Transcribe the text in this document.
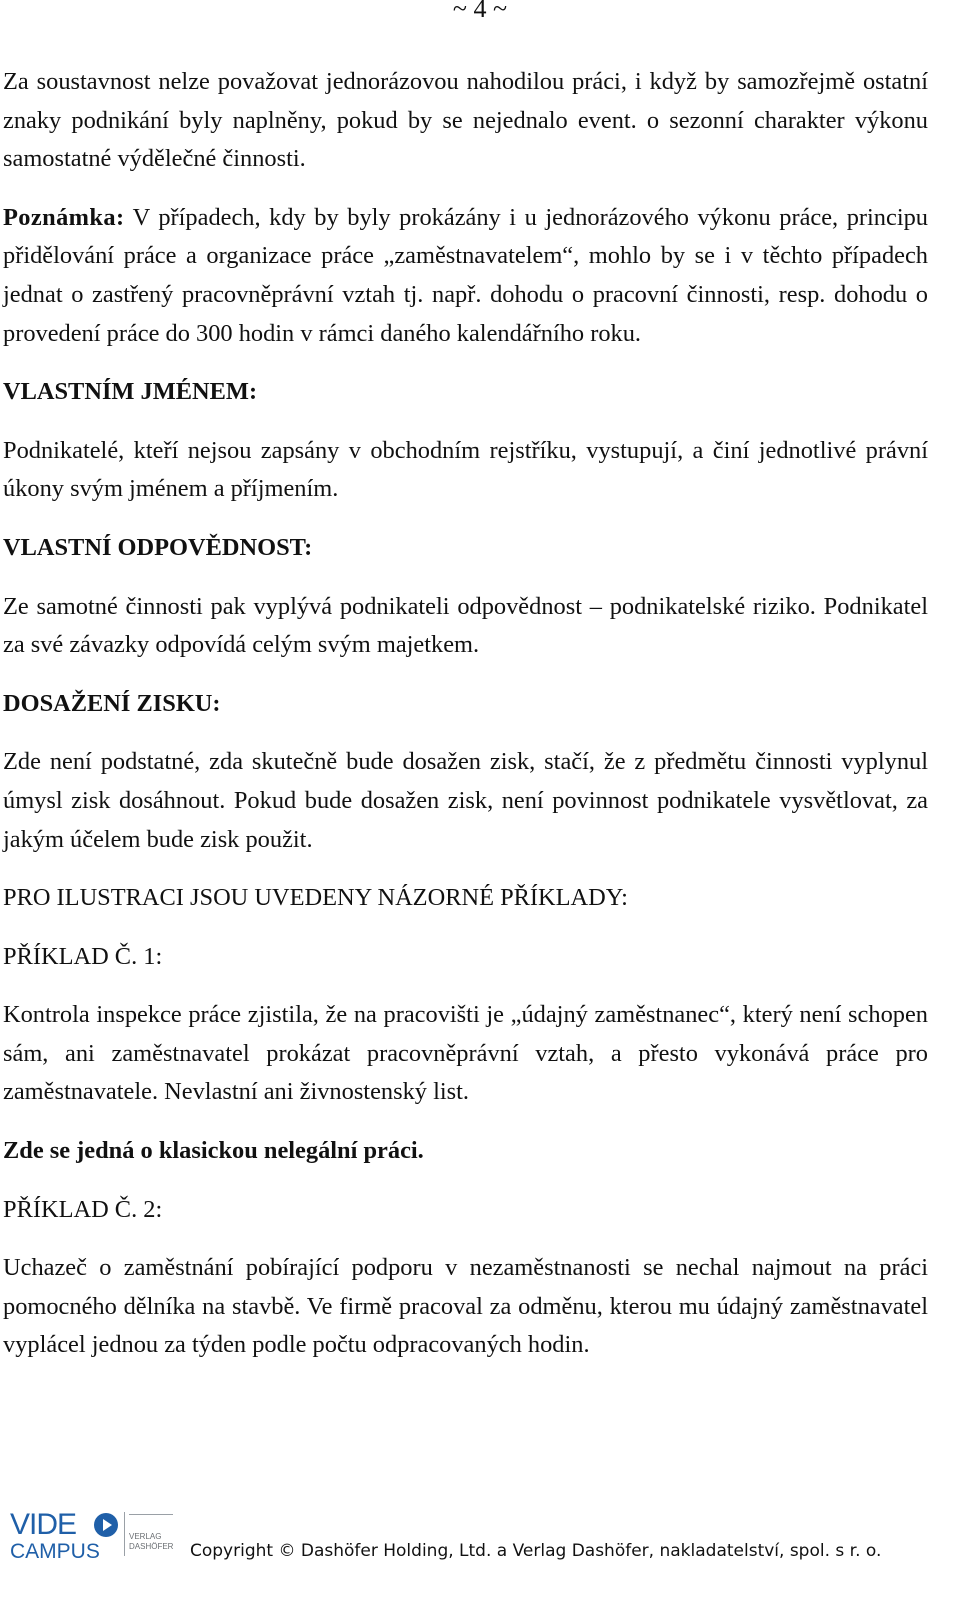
~ 4 ~

Za soustavnost nelze považovat jednorázovou nahodilou práci, i když by samozřejmě ostatní znaky podnikání byly naplněny, pokud by se nejednalo event. o sezonní charakter výkonu samostatné výdělečné činnosti.

Poznámka: V případech, kdy by byly prokázány i u jednorázového výkonu práce, principu přidělování práce a organizace práce „zaměstnavatelem“, mohlo by se i v těchto případech jednat o zastřený pracovněprávní vztah tj. např. dohodu o pracovní činnosti, resp. dohodu o provedení práce do 300 hodin v rámci daného kalendářního roku.

VLASTNÍM JMÉNEM:

Podnikatelé, kteří nejsou zapsány v obchodním rejstříku, vystupují, a činí jednotlivé právní úkony svým jménem a příjmením.

VLASTNÍ ODPOVĚDNOST:

Ze samotné činnosti pak vyplývá podnikateli odpovědnost – podnikatelské riziko. Podnikatel za své závazky odpovídá celým svým majetkem.

DOSAŽENÍ ZISKU:

Zde není podstatné, zda skutečně bude dosažen zisk, stačí, že z předmětu činnosti vyplynul úmysl zisk dosáhnout. Pokud bude dosažen zisk, není povinnost podnikatele vysvětlovat, za jakým účelem bude zisk použit.

PRO ILUSTRACI JSOU UVEDENY NÁZORNÉ PŘÍKLADY:

PŘÍKLAD Č. 1:

Kontrola inspekce práce zjistila, že na pracovišti je „údajný zaměstnanec“, který není schopen sám, ani zaměstnavatel prokázat pracovněprávní vztah, a přesto vykonává práce pro zaměstnavatele. Nevlastní ani živnostenský list.

Zde se jedná o klasickou nelegální práci.

PŘÍKLAD Č. 2:

Uchazeč o zaměstnání pobírající podporu v nezaměstnanosti se nechal najmout na práci pomocného dělníka na stavbě. Ve firmě pracoval za odměnu, kterou mu údajný zaměstnavatel vyplácel jednou za týden podle počtu odpracovaných hodin.

VIDE
CAMPUS
VERLAG
DASHÖFER Copyright © Dashöfer Holding, Ltd. a Verlag Dashöfer, nakladatelství, spol. s r. o.
